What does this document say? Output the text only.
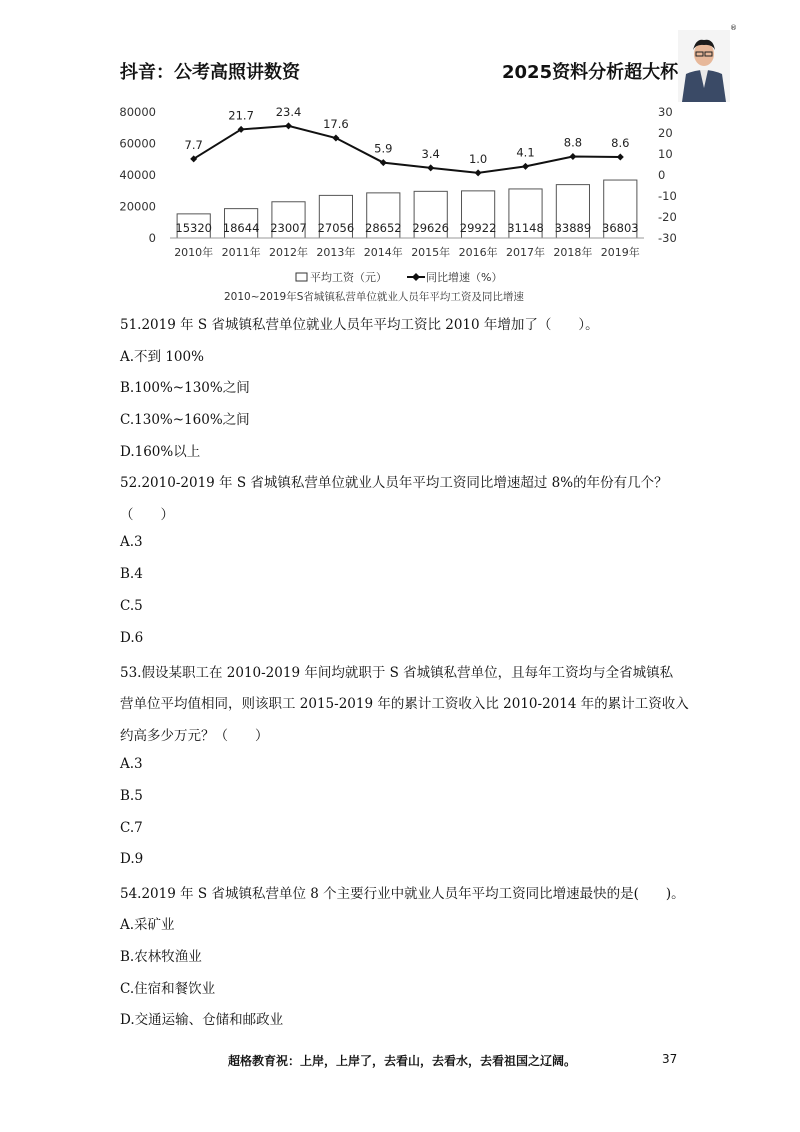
抖音：公考高照讲数资	2025资料分析超大杯
®
15320 18644 23007 27056 28652 29626 29922 31148 33889 36803
0
20000
40000
60000
80000	30
20
10
0
-10
-20
-30
2010年 2011年 2012年 2013年 2014年 2015年 2016年 2017年 2018年 2019年
7.7
21.7 23.4
17.6
5.9	3.4	1.0	4.1
8.8	8.6
平均工资（元）	同比增速（%）
2010~2019年S省城镇私营单位就业人员年平均工资及同比增速
51.2019 年 S 省城镇私营单位就业人员年平均工资比 2010 年增加了（　　）。
A.不到 100%
B.100%~130%之间
C.130%~160%之间
D.160%以上
52.2010-2019 年 S 省城镇私营单位就业人员年平均工资同比增速超过 8%的年份有几个？
（　　）
A.3
B.4
C.5
D.6
53.假设某职工在 2010-2019 年间均就职于 S 省城镇私营单位，且每年工资均与全省城镇私
营单位平均值相同，则该职工 2015-2019 年的累计工资收入比 2010-2014 年的累计工资收入
约高多少万元？（　　）
A.3
B.5
C.7
D.9
54.2019 年 S 省城镇私营单位 8 个主要行业中就业人员年平均工资同比增速最快的是(　　)。
A.采矿业
B.农林牧渔业
C.住宿和餐饮业
D.交通运输、仓储和邮政业
超格教育祝：上岸，上岸了，去看山，去看水，去看祖国之辽阔。	37
